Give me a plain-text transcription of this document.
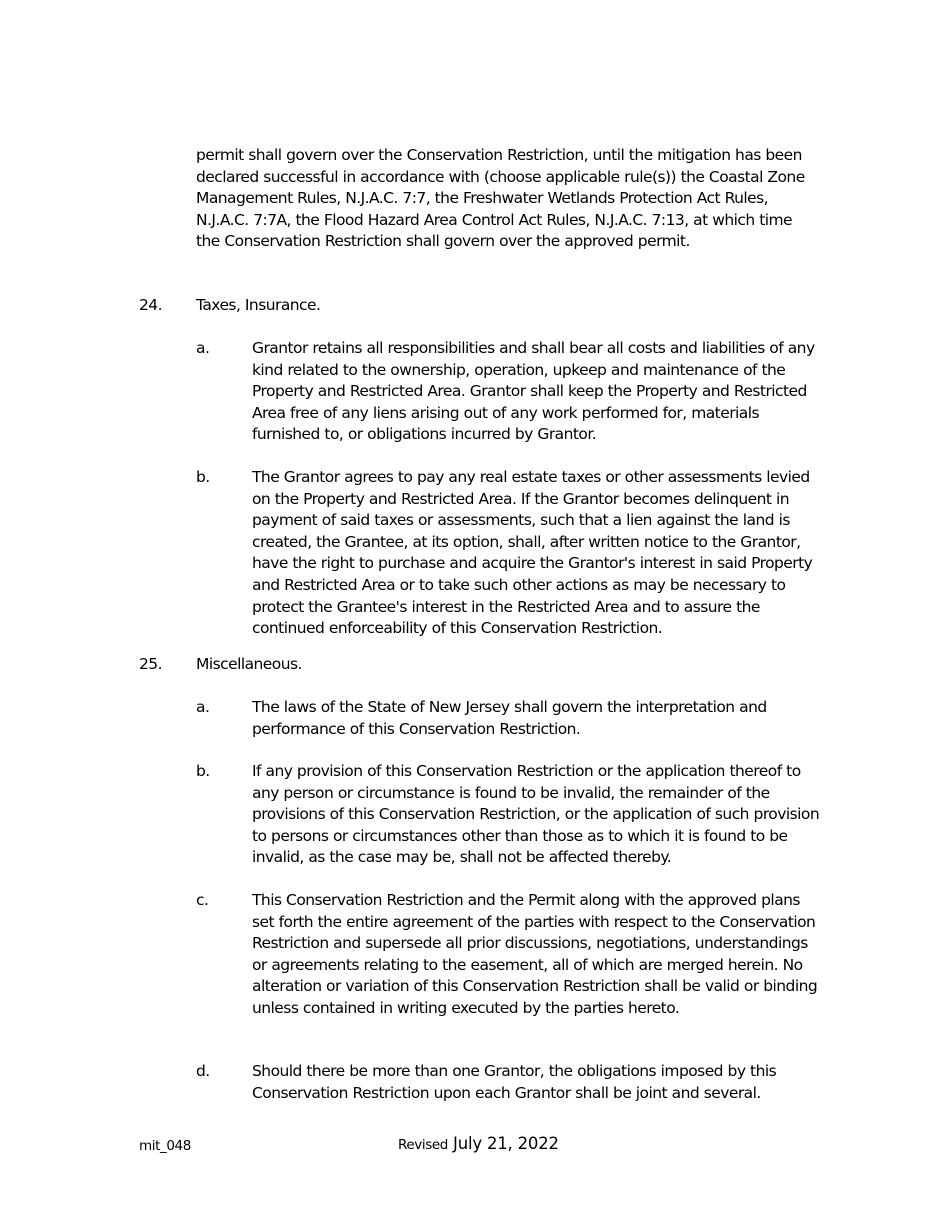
permit shall govern over the Conservation Restriction, until the mitigation has been declared successful in accordance with (choose applicable rule(s)) the Coastal Zone Management Rules, N.J.A.C. 7:7, the Freshwater Wetlands Protection Act Rules, N.J.A.C. 7:7A, the Flood Hazard Area Control Act Rules, N.J.A.C. 7:13, at which time the Conservation Restriction shall govern over the approved permit.

24. Taxes, Insurance.
a.	Grantor retains all responsibilities and shall bear all costs and liabilities of any kind related to the ownership, operation, upkeep and maintenance of the Property and Restricted Area. Grantor shall keep the Property and Restricted Area free of any liens arising out of any work performed for, materials furnished to, or obligations incurred by Grantor.

b.	The Grantor agrees to pay any real estate taxes or other assessments levied on the Property and Restricted Area. If the Grantor becomes delinquent in payment of said taxes or assessments, such that a lien against the land is created, the Grantee, at its option, shall, after written notice to the Grantor, have the right to purchase and acquire the Grantor's interest in said Property and Restricted Area or to take such other actions as may be necessary to protect the Grantee's interest in the Restricted Area and to assure the continued enforceability of this Conservation Restriction.

25. Miscellaneous.
a.	The laws of the State of New Jersey shall govern the interpretation and performance of this Conservation Restriction.

b.	If any provision of this Conservation Restriction or the application thereof to any person or circumstance is found to be invalid, the remainder of the provisions of this Conservation Restriction, or the application of such provision to persons or circumstances other than those as to which it is found to be invalid, as the case may be, shall not be affected thereby.

c.	This Conservation Restriction and the Permit along with the approved plans set forth the entire agreement of the parties with respect to the Conservation Restriction and supersede all prior discussions, negotiations, understandings or agreements relating to the easement, all of which are merged herein. No alteration or variation of this Conservation Restriction shall be valid or binding unless contained in writing executed by the parties hereto.

d.	Should there be more than one Grantor, the obligations imposed by this Conservation Restriction upon each Grantor shall be joint and several.

mit_048	Revised July 21, 2022
